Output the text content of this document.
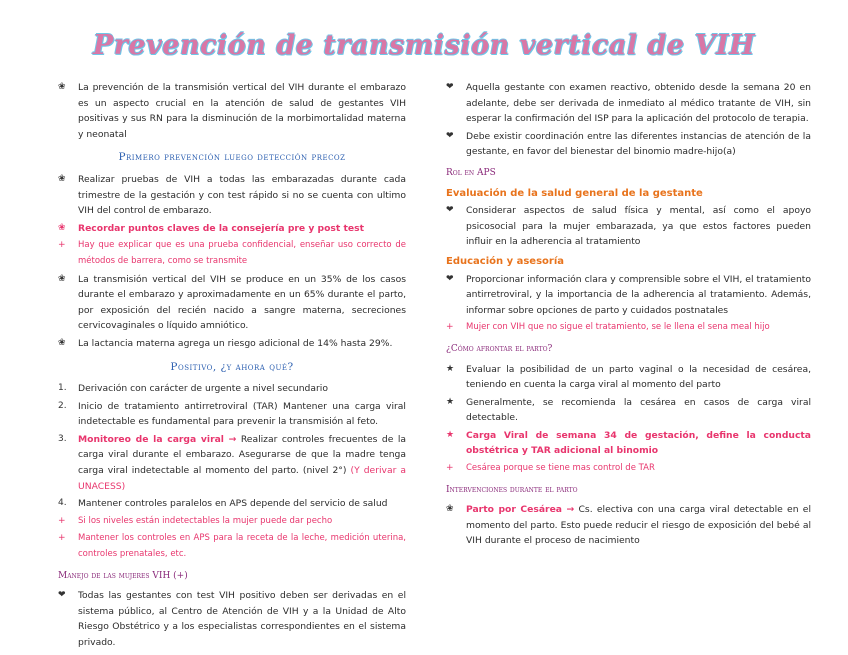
Prevención de transmisión vertical de VIH
❀	La prevención de la transmisión vertical del VIH durante el embarazo es un aspecto crucial en la atención de salud de gestantes VIH positivas y sus RN para la disminución de la morbimortalidad materna y neonatal
Primero prevención luego detección precoz
❀	Realizar pruebas de VIH a todas las embarazadas durante cada trimestre de la gestación y con test rápido si no se cuenta con ultimo VIH del control de embarazo.
❀	Recordar puntos claves de la consejería pre y post test
+	Hay que explicar que es una prueba confidencial, enseñar uso correcto de métodos de barrera, como se transmite
❀	La transmisión vertical del VIH se produce en un 35% de los casos durante el embarazo y aproximadamente en un 65% durante el parto, por exposición del recién nacido a sangre materna, secreciones cervicovaginales o líquido amniótico.
❀	La lactancia materna agrega un riesgo adicional de 14% hasta 29%.
Positivo, ¿y ahora qué?
1.	Derivación con carácter de urgente a nivel secundario
2.	Inicio de tratamiento antirretroviral (TAR) Mantener una carga viral indetectable es fundamental para prevenir la transmisión al feto.
3.	Monitoreo de la carga viral → Realizar controles frecuentes de la carga viral durante el embarazo. Asegurarse de que la madre tenga carga viral indetectable al momento del parto. (nivel 2°) (Y derivar a UNACESS)
4.	Mantener controles paralelos en APS depende del servicio de salud
+	Si los niveles están indetectables la mujer puede dar pecho
+	Mantener los controles en APS para la receta de la leche, medición uterina, controles prenatales, etc.
Manejo de las mujeres VIH (+)
❤	Todas las gestantes con test VIH positivo deben ser derivadas en el sistema público, al Centro de Atención de VIH y a la Unidad de Alto Riesgo Obstétrico y a los especialistas correspondientes en el sistema privado.
❤	Aquella gestante con examen reactivo, obtenido desde la semana 20 en adelante, debe ser derivada de inmediato al médico tratante de VIH, sin esperar la confirmación del ISP para la aplicación del protocolo de terapia.
❤	Debe existir coordinación entre las diferentes instancias de atención de la gestante, en favor del bienestar del binomio madre-hijo(a)
Rol en APS
Evaluación de la salud general de la gestante
❤	Considerar aspectos de salud física y mental, así como el apoyo psicosocial para la mujer embarazada, ya que estos factores pueden influir en la adherencia al tratamiento
Educación y asesoría
❤	Proporcionar información clara y comprensible sobre el VIH, el tratamiento antirretroviral, y la importancia de la adherencia al tratamiento. Además, informar sobre opciones de parto y cuidados postnatales
+	Mujer con VIH que no sigue el tratamiento, se le llena el sena meal hijo
¿Cómo afrontar el parto?
★	Evaluar la posibilidad de un parto vaginal o la necesidad de cesárea, teniendo en cuenta la carga viral al momento del parto
★	Generalmente, se recomienda la cesárea en casos de carga viral detectable.
★	Carga Viral de semana 34 de gestación, define la conducta obstétrica y TAR adicional al binomio
+	Cesárea porque se tiene mas control de TAR
Intervenciones durante el parto
❀	Parto por Cesárea → Cs. electiva con una carga viral detectable en el momento del parto. Esto puede reducir el riesgo de exposición del bebé al VIH durante el proceso de nacimiento
